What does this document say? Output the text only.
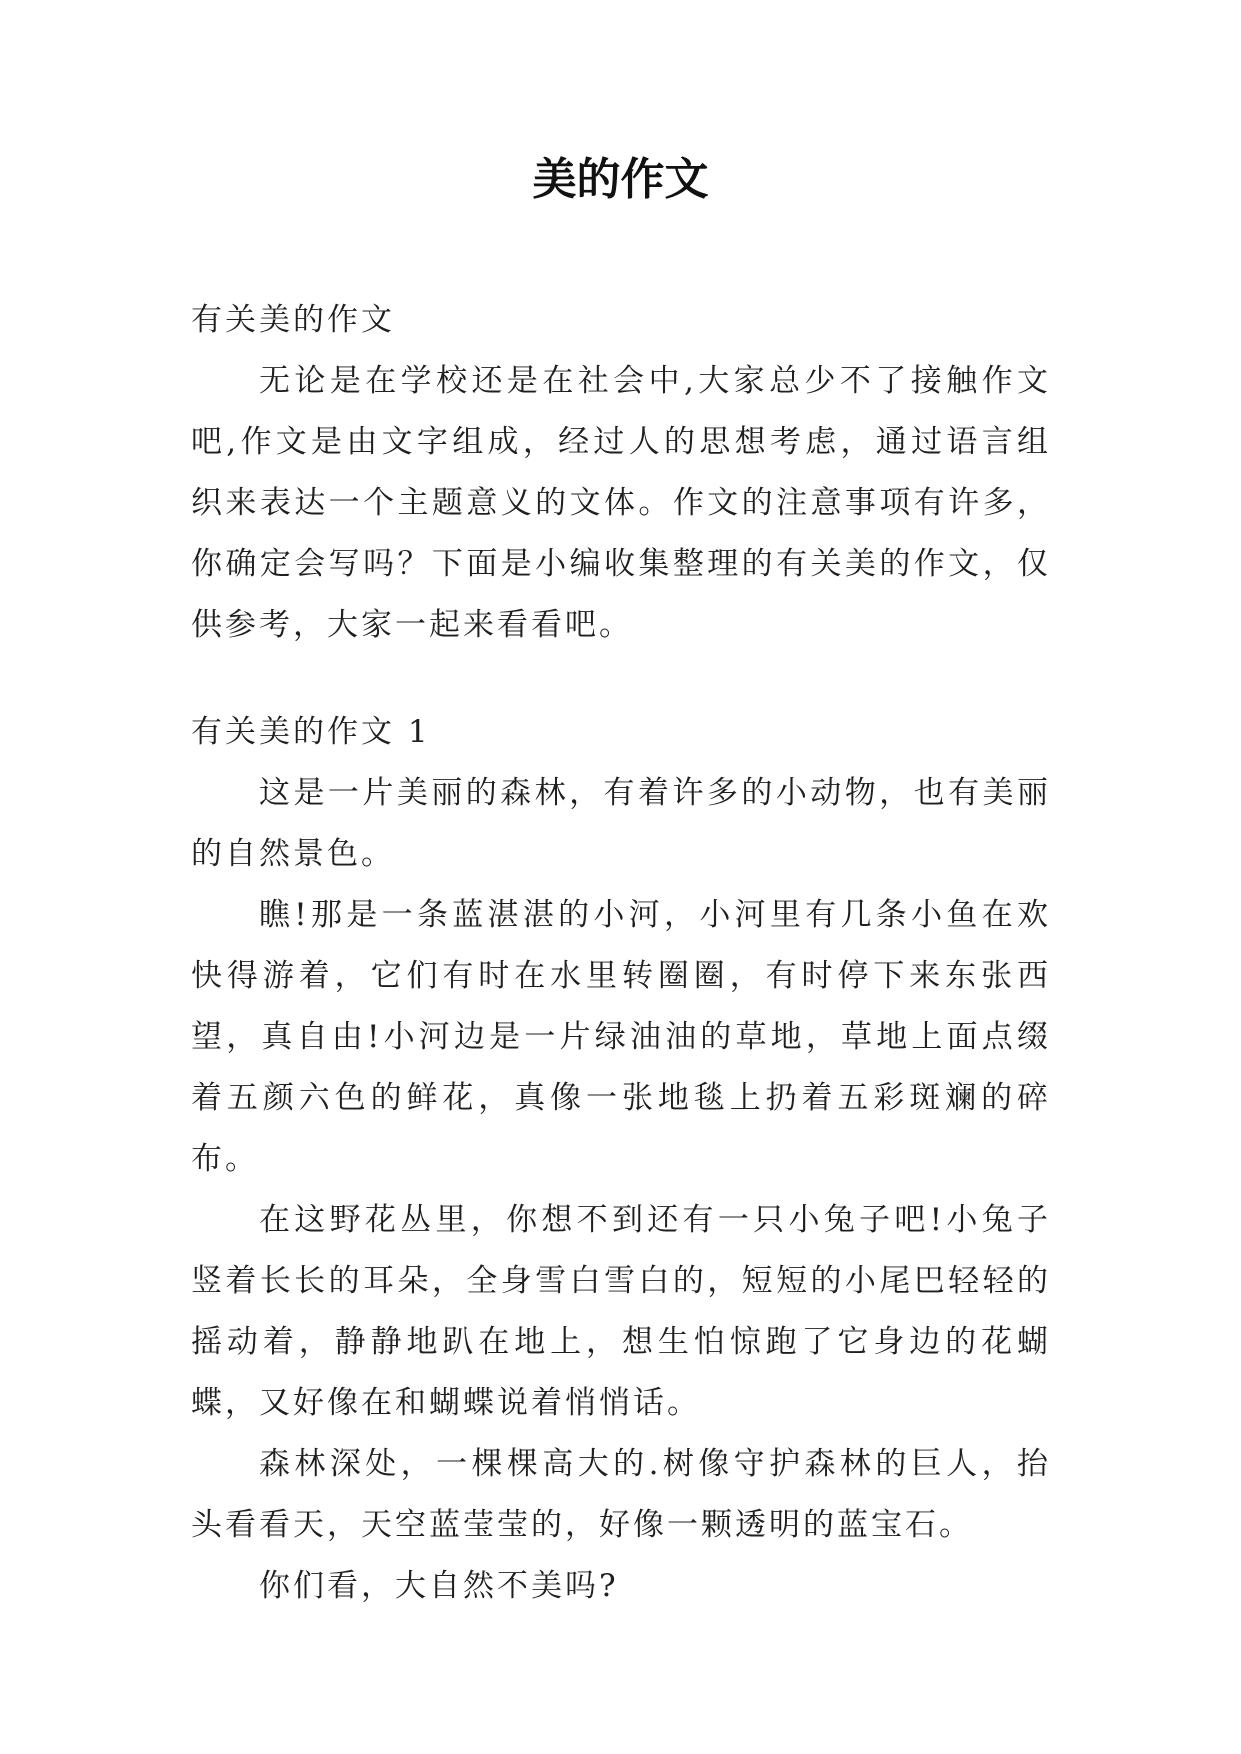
美的作文

有关美的作文

无论是在学校还是在社会中,大家总少不了接触作文吧,作文是由文字组成，经过人的思想考虑，通过语言组织来表达一个主题意义的文体。作文的注意事项有许多，你确定会写吗？下面是小编收集整理的有关美的作文，仅供参考，大家一起来看看吧。

有关美的作文 1

这是一片美丽的森林，有着许多的小动物，也有美丽的自然景色。

瞧!那是一条蓝湛湛的小河，小河里有几条小鱼在欢快得游着，它们有时在水里转圈圈，有时停下来东张西望，真自由!小河边是一片绿油油的草地，草地上面点缀着五颜六色的鲜花，真像一张地毯上扔着五彩斑斓的碎布。

在这野花丛里，你想不到还有一只小兔子吧!小兔子竖着长长的耳朵，全身雪白雪白的，短短的小尾巴轻轻的摇动着，静静地趴在地上，想生怕惊跑了它身边的花蝴蝶，又好像在和蝴蝶说着悄悄话。

森林深处，一棵棵高大的.树像守护森林的巨人，抬头看看天，天空蓝莹莹的，好像一颗透明的蓝宝石。

你们看，大自然不美吗?
